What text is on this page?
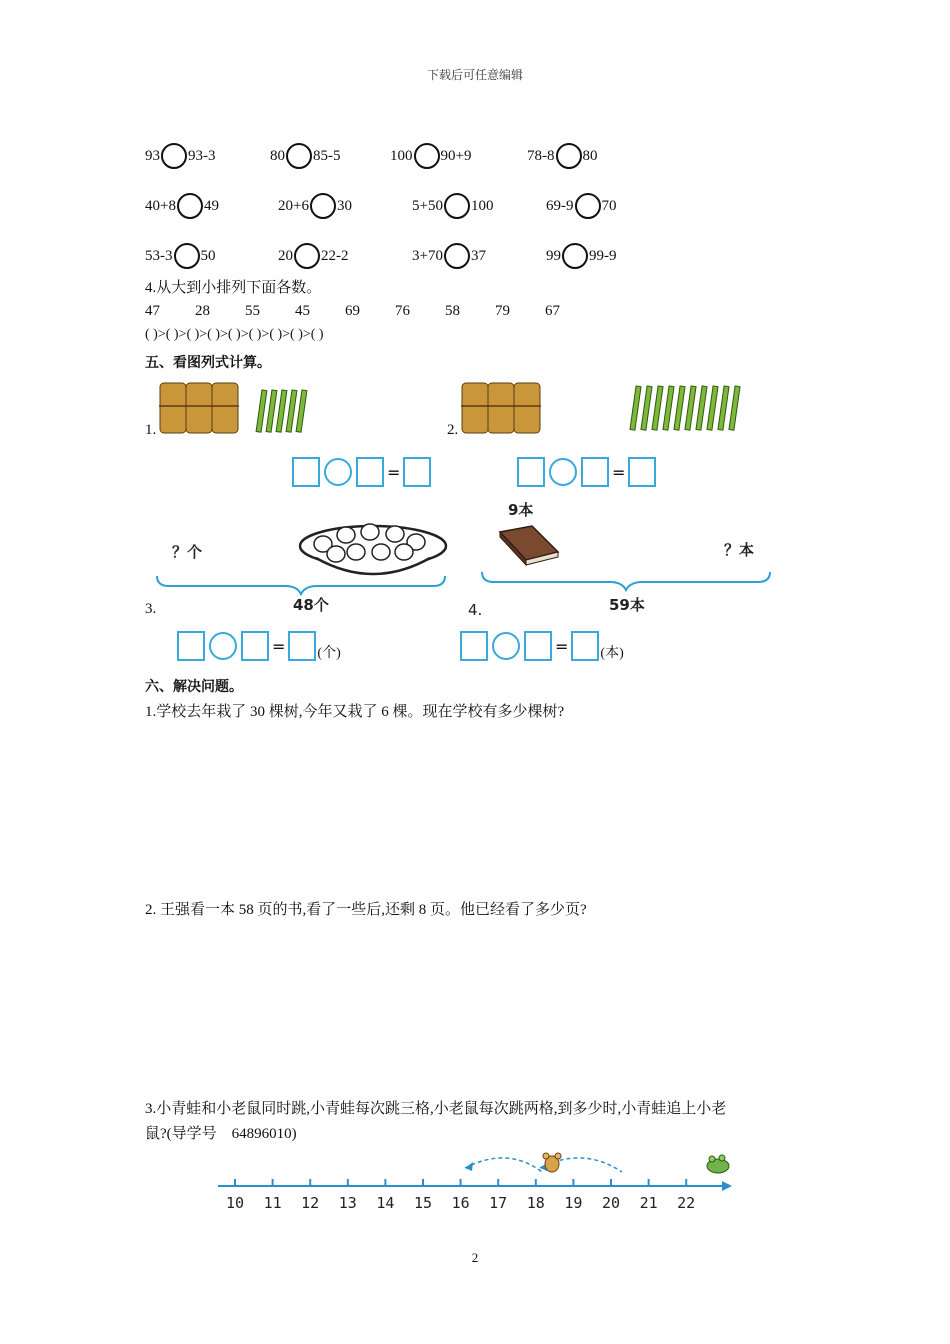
下载后可任意编辑
93 93-3	80 85-5	100 90+9	78-8 80
40+8 49	20+6 30	5+50 100	69-9 70
53-3 50	20 22-2	3+70 37	99 99-9
4.从大到小排列下面各数。
47 28 55 45 69 76 58 79 67
( )>( )>( )>( )>( )>( )>( )>( )>( )
五、看图列式计算。
1.	2.
=	=
？个
48个
3.
9本
？本
59本
4.
= (个)	= (本)
六、解决问题。
1.学校去年栽了 30 棵树,今年又栽了 6 棵。现在学校有多少棵树?
2. 王强看一本 58 页的书,看了一些后,还剩 8 页。他已经看了多少页?
3.小青蛙和小老鼠同时跳,小青蛙每次跳三格,小老鼠每次跳两格,到多少时,小青蛙追上小老
鼠?(导学号　64896010)
10 11 12 13 14 15 16 17 18 19 20 21 22
2
